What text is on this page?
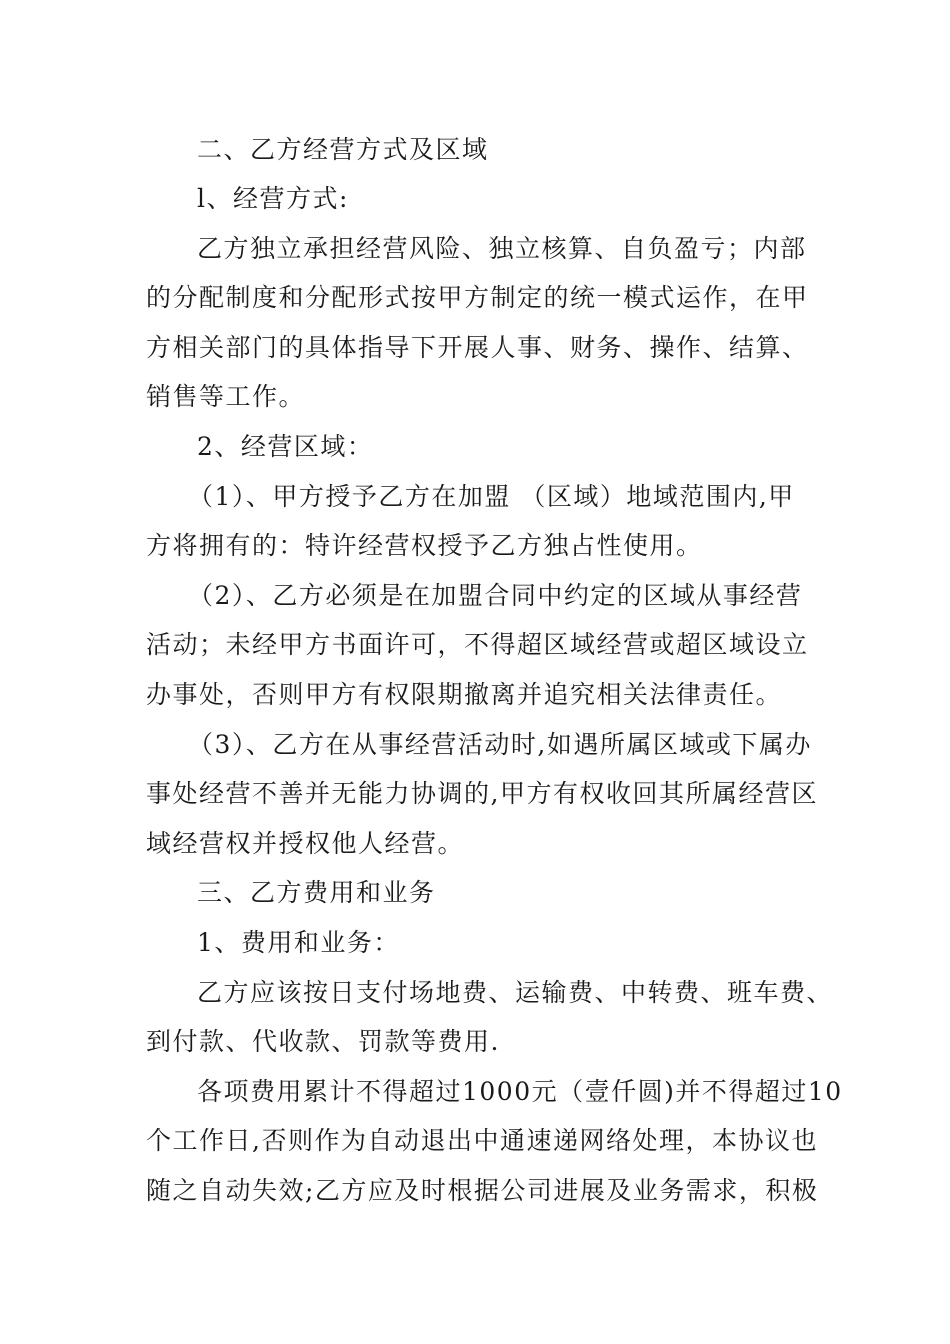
二、乙方经营方式及区域
l、经营方式:
乙方独立承担经营风险、独立核算、自负盈亏；内部
的分配制度和分配形式按甲方制定的统一模式运作，在甲
方相关部门的具体指导下开展人事、财务、操作、结算、
销售等工作。
2、经营区域：
（1）、甲方授予乙方在加盟 （区域）地域范围内,甲
方将拥有的：特许经营权授予乙方独占性使用。
（2）、乙方必须是在加盟合同中约定的区域从事经营
活动；未经甲方书面许可，不得超区域经营或超区域设立
办事处，否则甲方有权限期撤离并追究相关法律责任。
（3）、乙方在从事经营活动时,如遇所属区域或下属办
事处经营不善并无能力协调的,甲方有权收回其所属经营区
域经营权并授权他人经营。
三、乙方费用和业务
1、费用和业务：
乙方应该按日支付场地费、运输费、中转费、班车费、
到付款、代收款、罚款等费用.
各项费用累计不得超过1000元（壹仟圆)并不得超过10
个工作日,否则作为自动退出中通速递网络处理，本协议也
随之自动失效;乙方应及时根据公司进展及业务需求，积极
